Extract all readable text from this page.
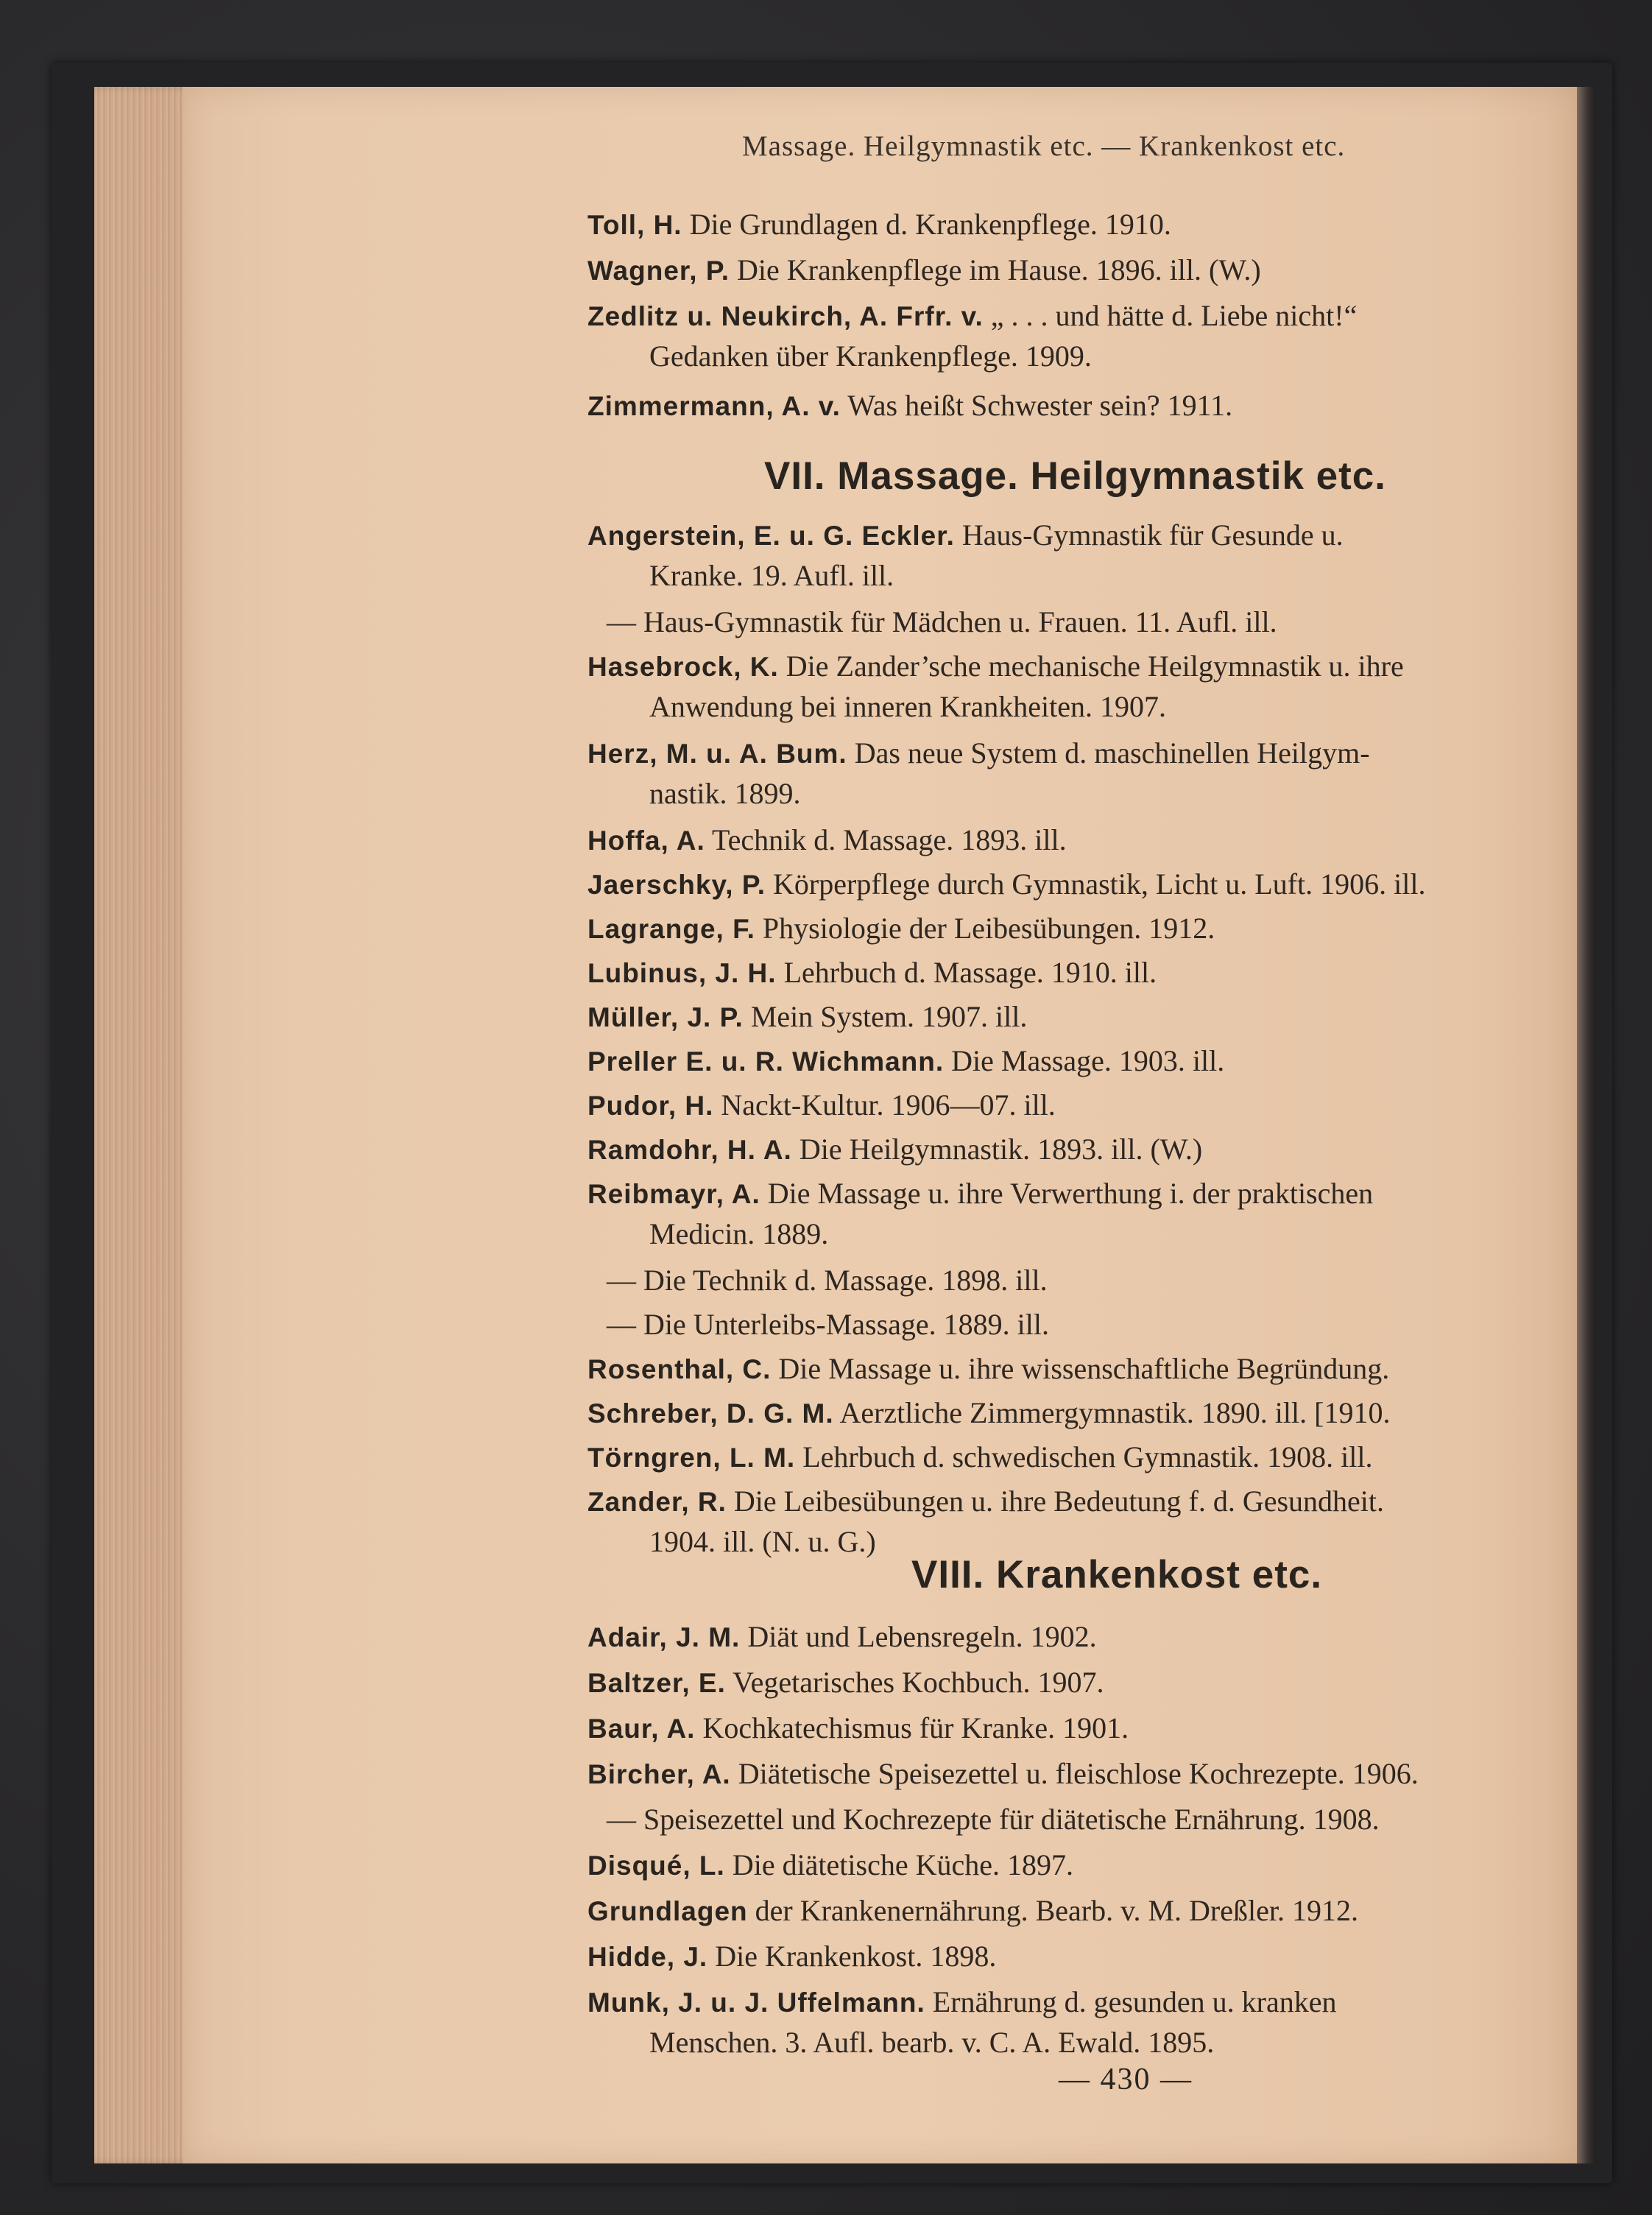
Massage. Heilgymnastik etc. — Krankenkost etc.
Toll, H. Die Grundlagen d. Krankenpflege. 1910.
Wagner, P. Die Krankenpflege im Hause. 1896. ill. (W.)
Zedlitz u. Neukirch, A. Frfr. v. „ . . . und hätte d. Liebe nicht!“
Gedanken über Krankenpflege. 1909.
Zimmermann, A. v. Was heißt Schwester sein? 1911.
VII. Massage. Heilgymnastik etc.
Angerstein, E. u. G. Eckler. Haus-Gymnastik für Gesunde u.
Kranke. 19. Aufl. ill.
— Haus-Gymnastik für Mädchen u. Frauen. 11. Aufl. ill.
Hasebrock, K. Die Zander’sche mechanische Heilgymnastik u. ihre
Anwendung bei inneren Krankheiten. 1907.
Herz, M. u. A. Bum. Das neue System d. maschinellen Heilgym-
nastik. 1899.
Hoffa, A. Technik d. Massage. 1893. ill.
Jaerschky, P. Körperpflege durch Gymnastik, Licht u. Luft. 1906. ill.
Lagrange, F. Physiologie der Leibesübungen. 1912.
Lubinus, J. H. Lehrbuch d. Massage. 1910. ill.
Müller, J. P. Mein System. 1907. ill.
Preller E. u. R. Wichmann. Die Massage. 1903. ill.
Pudor, H. Nackt-Kultur. 1906—07. ill.
Ramdohr, H. A. Die Heilgymnastik. 1893. ill. (W.)
Reibmayr, A. Die Massage u. ihre Verwerthung i. der praktischen
Medicin. 1889.
— Die Technik d. Massage. 1898. ill.
— Die Unterleibs-Massage. 1889. ill.
Rosenthal, C. Die Massage u. ihre wissenschaftliche Begründung.
Schreber, D. G. M. Aerztliche Zimmergymnastik. 1890. ill. [1910.
Törngren, L. M. Lehrbuch d. schwedischen Gymnastik. 1908. ill.
Zander, R. Die Leibesübungen u. ihre Bedeutung f. d. Gesundheit.
1904. ill. (N. u. G.)
VIII. Krankenkost etc.
Adair, J. M. Diät und Lebensregeln. 1902.
Baltzer, E. Vegetarisches Kochbuch. 1907.
Baur, A. Kochkatechismus für Kranke. 1901.
Bircher, A. Diätetische Speisezettel u. fleischlose Kochrezepte. 1906.
— Speisezettel und Kochrezepte für diätetische Ernährung. 1908.
Disqué, L. Die diätetische Küche. 1897.
Grundlagen der Krankenernährung. Bearb. v. M. Dreßler. 1912.
Hidde, J. Die Krankenkost. 1898.
Munk, J. u. J. Uffelmann. Ernährung d. gesunden u. kranken
Menschen. 3. Aufl. bearb. v. C. A. Ewald. 1895.
— 430 —
